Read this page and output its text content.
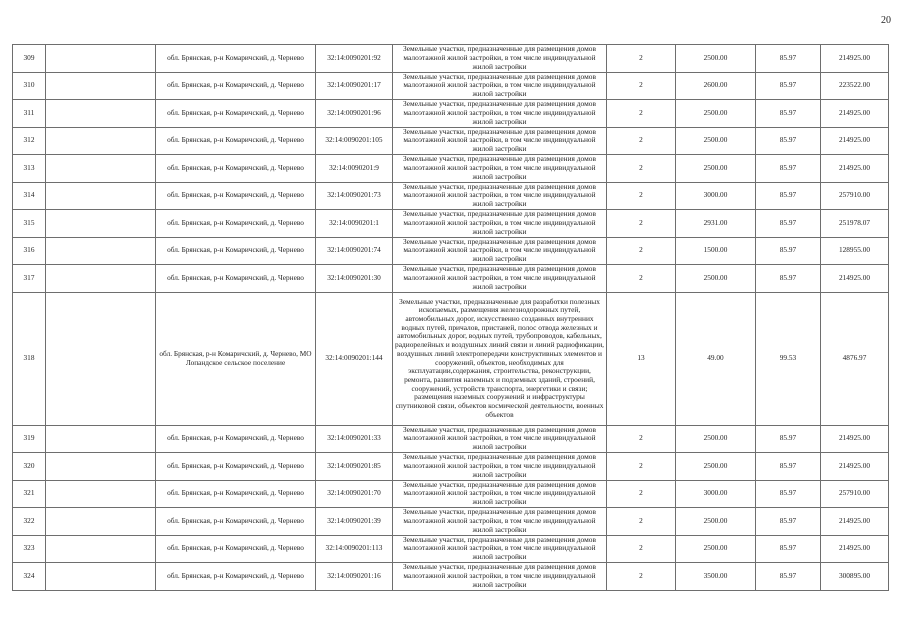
20
309		обл. Брянская, р-н Комаричский, д. Чернево	32:14:0090201:92	Земельные участки, предназначенные для размещения домов малоэтажной жилой застройки, в том числе индивидуальной жилой застройки	2	2500.00	85.97	214925.00

310		обл. Брянская, р-н Комаричский, д. Чернево	32:14:0090201:17	Земельные участки, предназначенные для размещения домов малоэтажной жилой застройки, в том числе индивидуальной жилой застройки	2	2600.00	85.97	223522.00

311		обл. Брянская, р-н Комаричский, д. Чернево	32:14:0090201:96	Земельные участки, предназначенные для размещения домов малоэтажной жилой застройки, в том числе индивидуальной жилой застройки	2	2500.00	85.97	214925.00

312		обл. Брянская, р-н Комаричский, д. Чернево	32:14:0090201:105	Земельные участки, предназначенные для размещения домов малоэтажной жилой застройки, в том числе индивидуальной жилой застройки	2	2500.00	85.97	214925.00

313		обл. Брянская, р-н Комаричский, д. Чернево	32:14:0090201:9	Земельные участки, предназначенные для размещения домов малоэтажной жилой застройки, в том числе индивидуальной жилой застройки	2	2500.00	85.97	214925.00

314		обл. Брянская, р-н Комаричский, д. Чернево	32:14:0090201:73	Земельные участки, предназначенные для размещения домов малоэтажной жилой застройки, в том числе индивидуальной жилой застройки	2	3000.00	85.97	257910.00

315		обл. Брянская, р-н Комаричский, д. Чернево	32:14:0090201:1	Земельные участки, предназначенные для размещения домов малоэтажной жилой застройки, в том числе индивидуальной жилой застройки	2	2931.00	85.97	251978.07

316		обл. Брянская, р-н Комаричский, д. Чернево	32:14:0090201:74	Земельные участки, предназначенные для размещения домов малоэтажной жилой застройки, в том числе индивидуальной жилой застройки	2	1500.00	85.97	128955.00

317		обл. Брянская, р-н Комаричский, д. Чернево	32:14:0090201:30	Земельные участки, предназначенные для размещения домов малоэтажной жилой застройки, в том числе индивидуальной жилой застройки	2	2500.00	85.97	214925.00

318		обл. Брянская, р-н Комаричский, д. Чернево, МО Лопандское сельское поселение	32:14:0090201:144	Земельные участки, предназначенные для разработки полезных ископаемых, размещения железнодорожных путей, автомобильных дорог, искусственно созданных внутренних водных путей, причалов, пристаней, полос отвода железных и автомобильных дорог, водных путей, трубопроводов, кабельных, радиорелейных и воздушных линий связи и линий радиофикации, воздушных линий электропередачи конструктивных элементов и сооружений, объектов, необходимых для эксплуатации,содержания, строительства, реконструкции, ремонта, развития наземных и подземных зданий, строений, сооружений, устройств транспорта, энергетики и связи; размещения наземных сооружений и инфраструктуры спутниковой связи, объектов космической деятельности, военных объектов	13	49.00	99.53	4876.97

319		обл. Брянская, р-н Комаричский, д. Чернево	32:14:0090201:33	Земельные участки, предназначенные для размещения домов малоэтажной жилой застройки, в том числе индивидуальной жилой застройки	2	2500.00	85.97	214925.00

320		обл. Брянская, р-н Комаричский, д. Чернево	32:14:0090201:85	Земельные участки, предназначенные для размещения домов малоэтажной жилой застройки, в том числе индивидуальной жилой застройки	2	2500.00	85.97	214925.00

321		обл. Брянская, р-н Комаричский, д. Чернево	32:14:0090201:70	Земельные участки, предназначенные для размещения домов малоэтажной жилой застройки, в том числе индивидуальной жилой застройки	2	3000.00	85.97	257910.00

322		обл. Брянская, р-н Комаричский, д. Чернево	32:14:0090201:39	Земельные участки, предназначенные для размещения домов малоэтажной жилой застройки, в том числе индивидуальной жилой застройки	2	2500.00	85.97	214925.00

323		обл. Брянская, р-н Комаричский, д. Чернево	32:14:0090201:113	Земельные участки, предназначенные для размещения домов малоэтажной жилой застройки, в том числе индивидуальной жилой застройки	2	2500.00	85.97	214925.00

324		обл. Брянская, р-н Комаричский, д. Чернево	32:14:0090201:16	Земельные участки, предназначенные для размещения домов малоэтажной жилой застройки, в том числе индивидуальной жилой застройки	2	3500.00	85.97	300895.00
